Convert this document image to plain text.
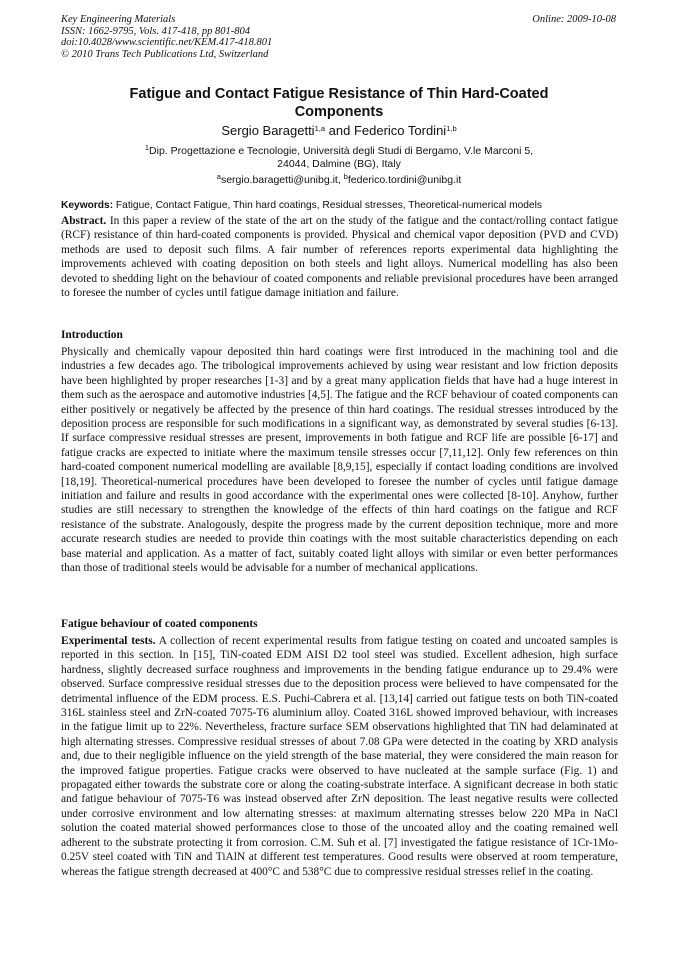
Key Engineering Materials
ISSN: 1662-9795, Vols. 417-418, pp 801-804
doi:10.4028/www.scientific.net/KEM.417-418.801
© 2010 Trans Tech Publications Ltd, Switzerland
Online: 2009-10-08
Fatigue and Contact Fatigue Resistance of Thin Hard-Coated
Components
Sergio Baragetti$^{1,a}$ and Federico Tordini$^{1,b}$
$^1$Dip. Progettazione e Tecnologie, Università degli Studi di Bergamo, V.le Marconi 5,
24044, Dalmine (BG), Italy
$^a$sergio.baragetti@unibg.it, $^b$federico.tordini@unibg.it
Keywords: Fatigue, Contact Fatigue, Thin hard coatings, Residual stresses, Theoretical-numerical models

Abstract. In this paper a review of the state of the art on the study of the fatigue and the contact/rolling contact fatigue (RCF) resistance of thin hard-coated components is provided. Physical and chemical vapor deposition (PVD and CVD) methods are used to deposit such films. A fair number of references reports experimental data highlighting the improvements achieved with coating deposition on both steels and light alloys. Numerical modelling has also been devoted to shedding light on the behaviour of coated components and reliable previsional procedures have been arranged to foresee the number of cycles until fatigue damage initiation and failure.

Introduction

Physically and chemically vapour deposited thin hard coatings were first introduced in the machining tool and die industries a few decades ago. The tribological improvements achieved by using wear resistant and low friction deposits have been highlighted by proper researches [1-3] and by a great many application fields that have had a huge interest in them such as the aerospace and automotive industries [4,5]. The fatigue and the RCF behaviour of coated components can either positively or negatively be affected by the presence of thin hard coatings. The residual stresses introduced by the deposition process are responsible for such modifications in a significant way, as demonstrated by several studies [6-13]. If surface compressive residual stresses are present, improvements in both fatigue and RCF life are possible [6-17] and fatigue cracks are expected to initiate where the maximum tensile stresses occur [7,11,12]. Only few references on thin hard-coated component numerical modelling are available [8,9,15], especially if contact loading conditions are involved [18,19]. Theoretical-numerical procedures have been developed to foresee the number of cycles until fatigue damage initiation and failure and results in good accordance with the experimental ones were collected [8-10]. Anyhow, further studies are still necessary to strengthen the knowledge of the effects of thin hard coatings on the fatigue and RCF resistance of the substrate. Analogously, despite the progress made by the current deposition technique, more and more accurate research studies are needed to provide thin coatings with the most suitable characteristics depending on each base material and application. As a matter of fact, suitably coated light alloys with similar or even better performances than those of traditional steels would be advisable for a number of mechanical applications.

Fatigue behaviour of coated components

Experimental tests. A collection of recent experimental results from fatigue testing on coated and uncoated samples is reported in this section. In [15], TiN-coated EDM AISI D2 tool steel was studied. Excellent adhesion, high surface hardness, slightly decreased surface roughness and improvements in the bending fatigue endurance up to 29.4% were observed. Surface compressive residual stresses due to the deposition process were believed to have compensated for the detrimental influence of the EDM process. E.S. Puchi-Cabrera et al. [13,14] carried out fatigue tests on both TiN-coated 316L stainless steel and ZrN-coated 7075-T6 aluminium alloy. Coated 316L showed improved behaviour, with increases in the fatigue limit up to 22%. Nevertheless, fracture surface SEM observations highlighted that TiN had delaminated at high alternating stresses. Compressive residual stresses of about 7.08 GPa were detected in the coating by XRD analysis and, due to their negligible influence on the yield strength of the base material, they were considered the main reason for the improved fatigue properties. Fatigue cracks were observed to have nucleated at the sample surface (Fig. 1) and propagated either towards the substrate core or along the coating-substrate interface. A significant decrease in both static and fatigue behaviour of 7075-T6 was instead observed after ZrN deposition. The least negative results were collected under corrosive environment and low alternating stresses: at maximum alternating stresses below 220 MPa in NaCl solution the coated material showed performances close to those of the uncoated alloy and the coating remained well adherent to the substrate protecting it from corrosion. C.M. Suh et al. [7] investigated the fatigue resistance of 1Cr-1Mo-0.25V steel coated with TiN and TiAlN at different test temperatures. Good results were observed at room temperature, whereas the fatigue strength decreased at 400°C and 538°C due to compressive residual stresses relief in the coating.
